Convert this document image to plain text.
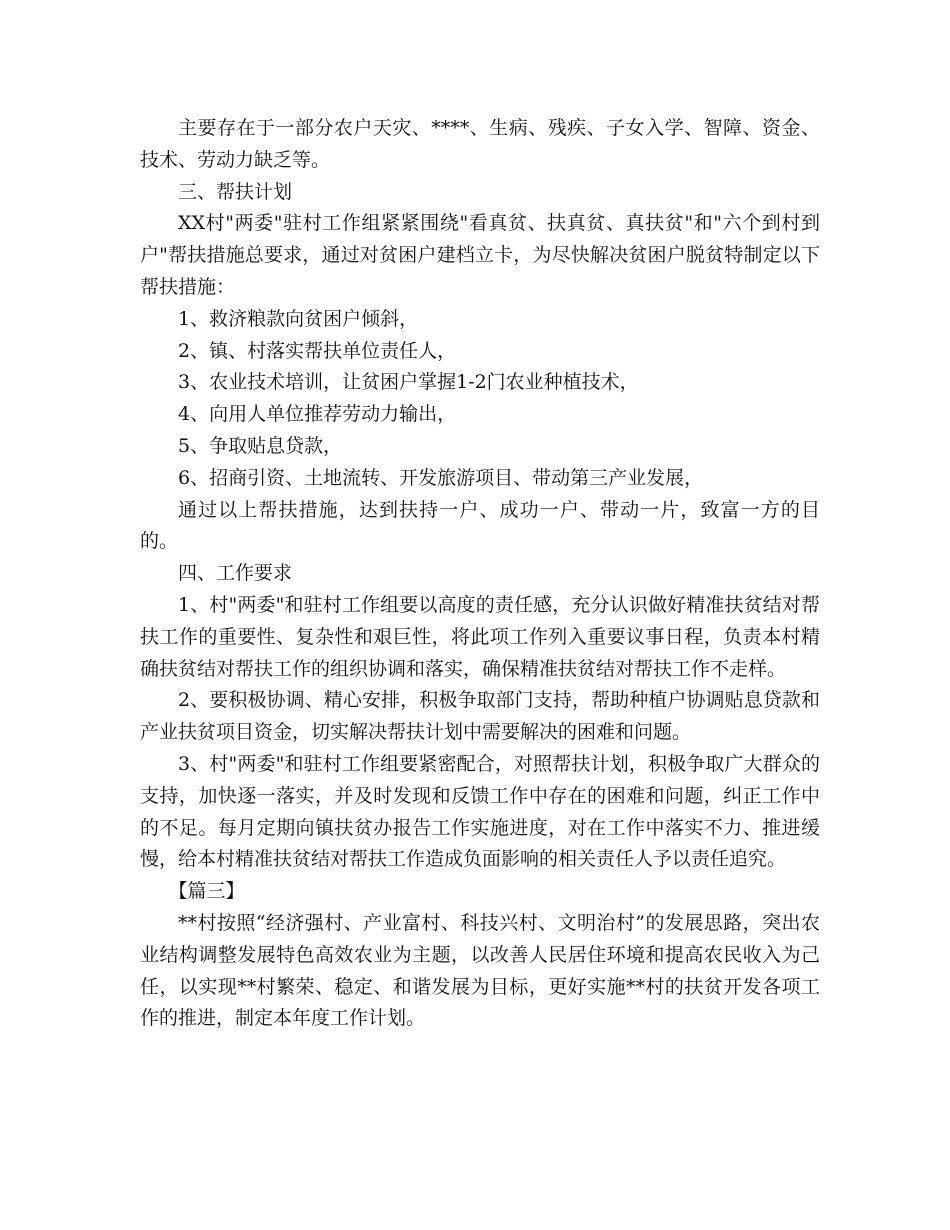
主要存在于一部分农户天灾、****、生病、残疾、子女入学、智障、资金、技术、劳动力缺乏等。

三、帮扶计划

XX村"两委"驻村工作组紧紧围绕"看真贫、扶真贫、真扶贫"和"六个到村到户"帮扶措施总要求，通过对贫困户建档立卡，为尽快解决贫困户脱贫特制定以下帮扶措施：

1、救济粮款向贫困户倾斜，

2、镇、村落实帮扶单位责任人，

3、农业技术培训，让贫困户掌握1-2门农业种植技术，

4、向用人单位推荐劳动力输出，

5、争取贴息贷款，

6、招商引资、土地流转、开发旅游项目、带动第三产业发展，

通过以上帮扶措施，达到扶持一户、成功一户、带动一片，致富一方的目的。

四、工作要求

1、村"两委"和驻村工作组要以高度的责任感，充分认识做好精准扶贫结对帮扶工作的重要性、复杂性和艰巨性，将此项工作列入重要议事日程，负责本村精确扶贫结对帮扶工作的组织协调和落实，确保精准扶贫结对帮扶工作不走样。

2、要积极协调、精心安排，积极争取部门支持，帮助种植户协调贴息贷款和产业扶贫项目资金，切实解决帮扶计划中需要解决的困难和问题。

3、村"两委"和驻村工作组要紧密配合，对照帮扶计划，积极争取广大群众的支持，加快逐一落实，并及时发现和反馈工作中存在的困难和问题，纠正工作中的不足。每月定期向镇扶贫办报告工作实施进度，对在工作中落实不力、推进缓慢，给本村精准扶贫结对帮扶工作造成负面影响的相关责任人予以责任追究。

【篇三】

**村按照“经济强村、产业富村、科技兴村、文明治村”的发展思路，突出农业结构调整发展特色高效农业为主题，以改善人民居住环境和提高农民收入为己任，以实现**村繁荣、稳定、和谐发展为目标，更好实施**村的扶贫开发各项工作的推进，制定本年度工作计划。
